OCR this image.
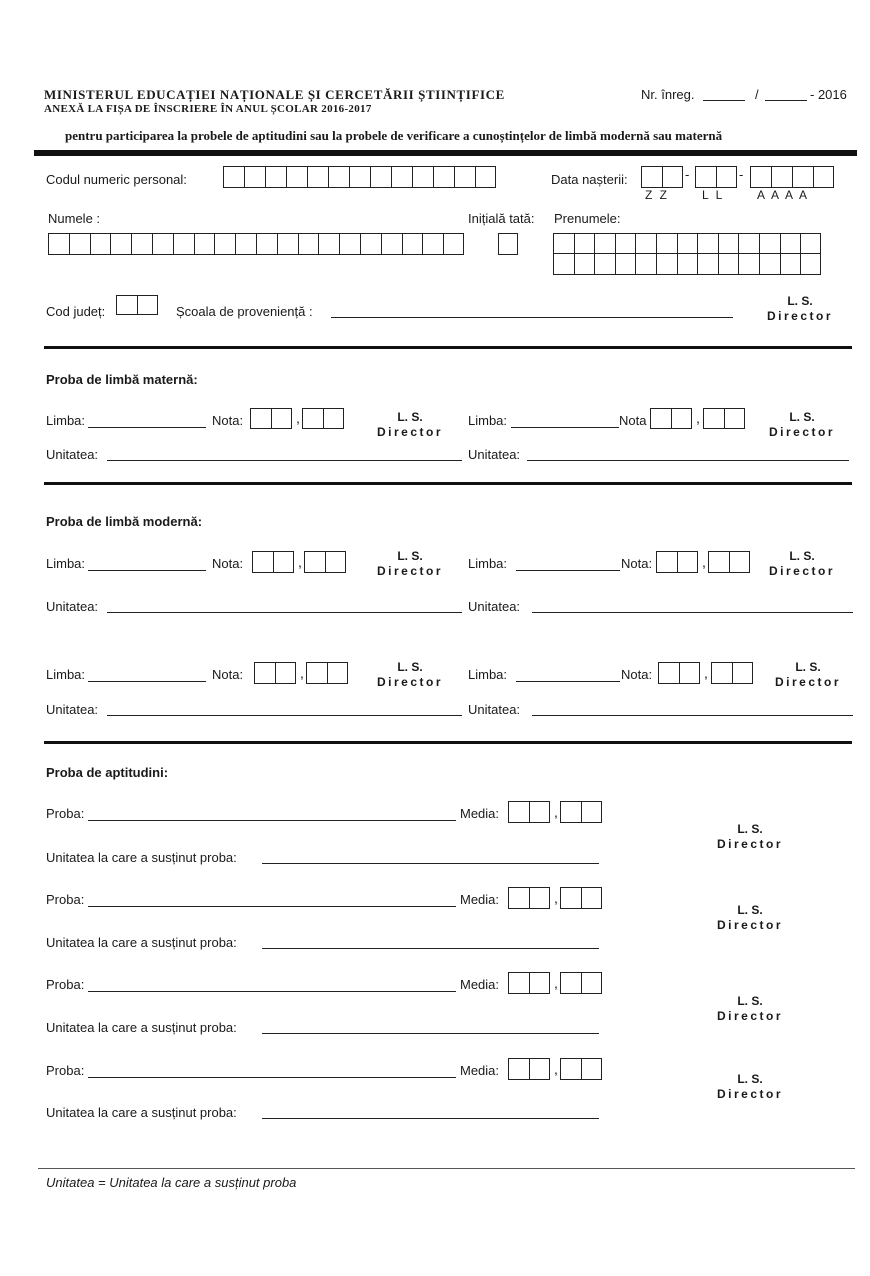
MINISTERUL EDUCAȚIEI NAȚIONALE ȘI CERCETĂRII ȘTIINȚIFICE
ANEXĂ LA FIȘA DE ÎNSCRIERE ÎN ANUL ȘCOLAR 2016-2017
Nr. înreg.	/	- 2016
pentru participarea la probele de aptitudini sau la probele de verificare a cunoștințelor de limbă modernă sau maternă
Codul numeric personal:	Data nașterii:	-	-
Z Z	L L	A A A A
Numele :	Inițială tată: Prenumele:
Cod județ:	Școala de proveniență :
L. S.
Director
Proba de limbă maternă:
Limba:	Nota:	,	L. S.
Director
Limba:	Nota	,	L. S.
Director
Unitatea:	Unitatea:
Proba de limbă modernă:
Limba:	Nota:	,	L. S.
Director	Limba:	Nota:	,	L. S.
Director
Unitatea:	Unitatea:
Limba:	Nota:	,	L. S.
Director	Limba:	Nota:	,	L. S.
Director
Unitatea:	Unitatea:
Proba de aptitudini:
Proba:	Media:	,
Unitatea la care a susținut proba:
L. S.
Director
Proba:	Media:	,
Unitatea la care a susținut proba:
L. S.
Director
Proba:	Media:	,
Unitatea la care a susținut proba:
L. S.
Director
Proba:	Media:	,
Unitatea la care a susținut proba:
L. S.
Director
Unitatea = Unitatea la care a susținut proba
